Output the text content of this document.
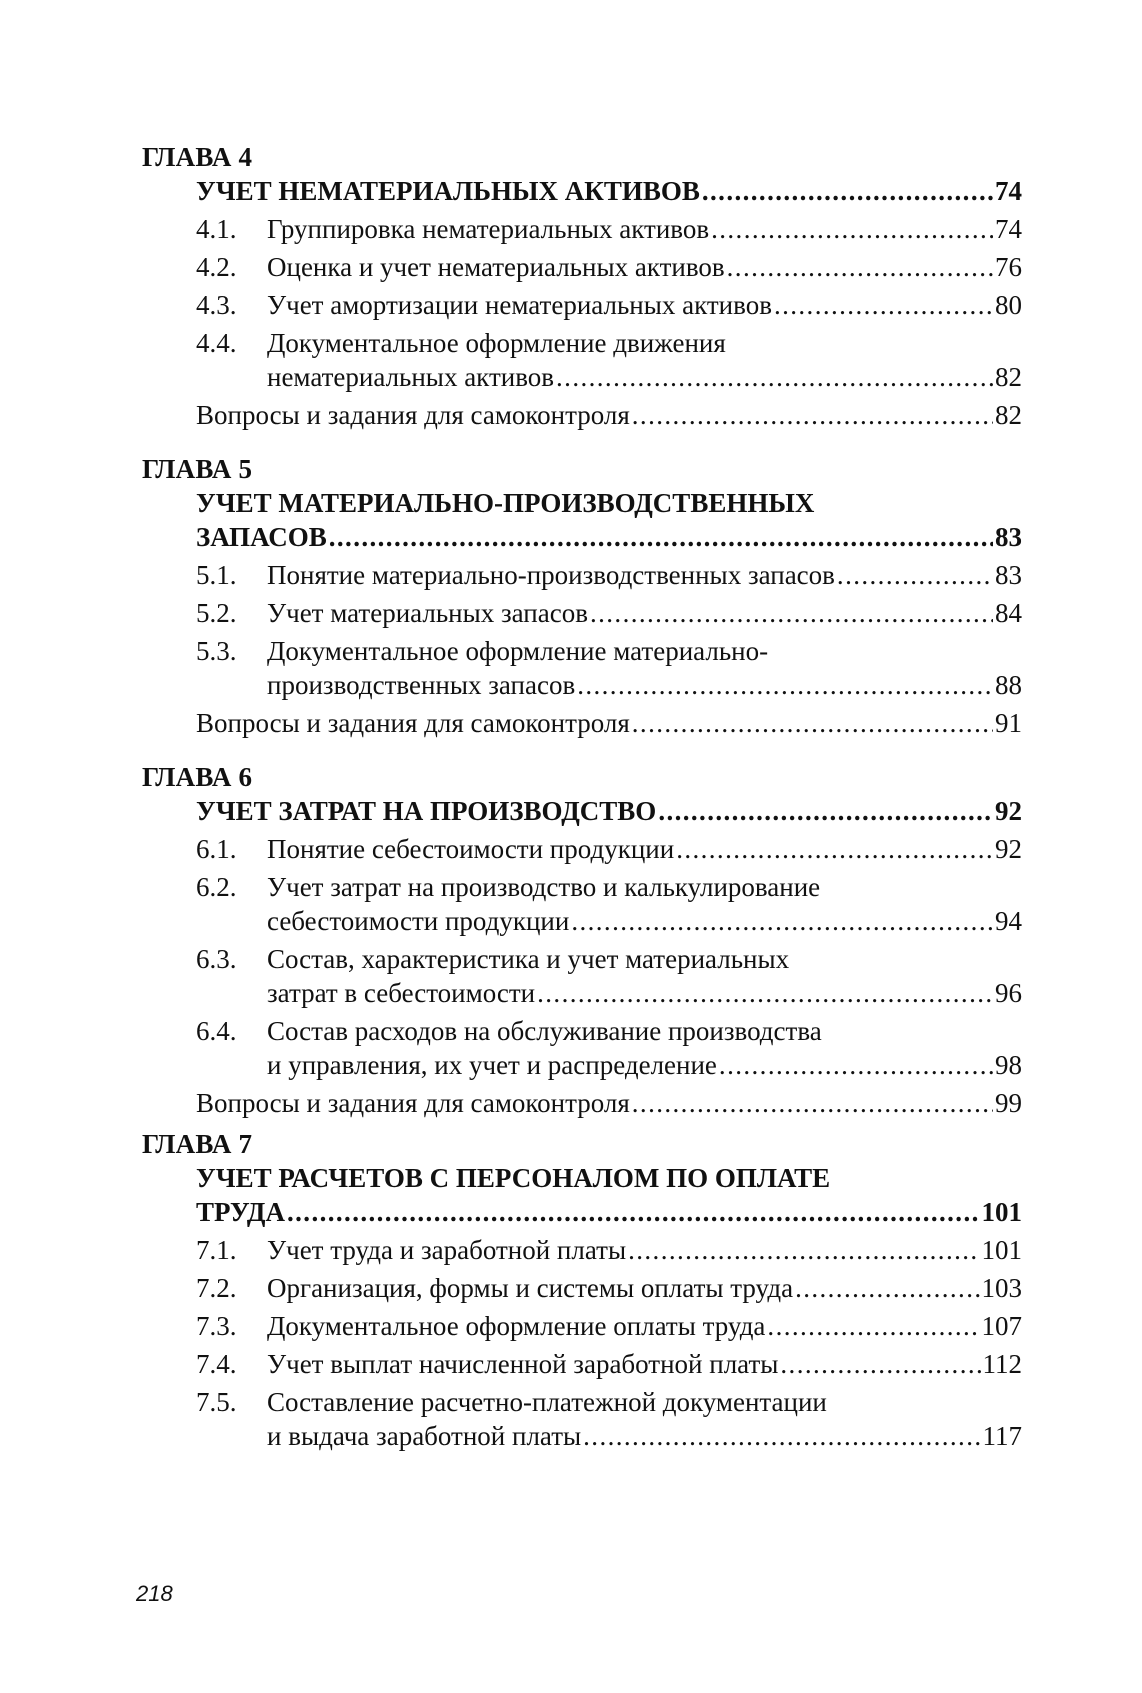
ГЛАВА 4
УЧЕТ НЕМАТЕРИАЛЬНЫХ АКТИВОВ .....	74
4.1.	Группировка нематериальных активов .....	74
4.2.	Оценка и учет нематериальных активов .....	76
4.3.	Учет амортизации нематериальных активов .....	80
4.4.	Документальное оформление движения
нематериальных активов .....	82
Вопросы и задания для самоконтроля .....	82
ГЛАВА 5
УЧЕТ МАТЕРИАЛЬНО-ПРОИЗВОДСТВЕННЫХ
ЗАПАСОВ .....	83
5.1.	Понятие материально-производственных запасов .....	83
5.2.	Учет материальных запасов .....	84
5.3.	Документальное оформление материально-
производственных запасов .....	88
Вопросы и задания для самоконтроля .....	91
ГЛАВА 6
УЧЕТ ЗАТРАТ НА ПРОИЗВОДСТВО .....	92
6.1.	Понятие себестоимости продукции .....	92
6.2.	Учет затрат на производство и калькулирование
себестоимости продукции .....	94
6.3.	Состав, характеристика и учет материальных
затрат в себестоимости .....	96
6.4.	Состав расходов на обслуживание производства
и управления, их учет и распределение .....	98
Вопросы и задания для самоконтроля .....	99
ГЛАВА 7
УЧЕТ РАСЧЕТОВ С ПЕРСОНАЛОМ ПО ОПЛАТЕ
ТРУДА .....	101
7.1.	Учет труда и заработной платы .....	101
7.2.	Организация, формы и системы оплаты труда .....	103
7.3.	Документальное оформление оплаты труда .....	107
7.4.	Учет выплат начисленной заработной платы .....	112
7.5.	Составление расчетно-платежной документации
и выдача заработной платы .....	117
218
